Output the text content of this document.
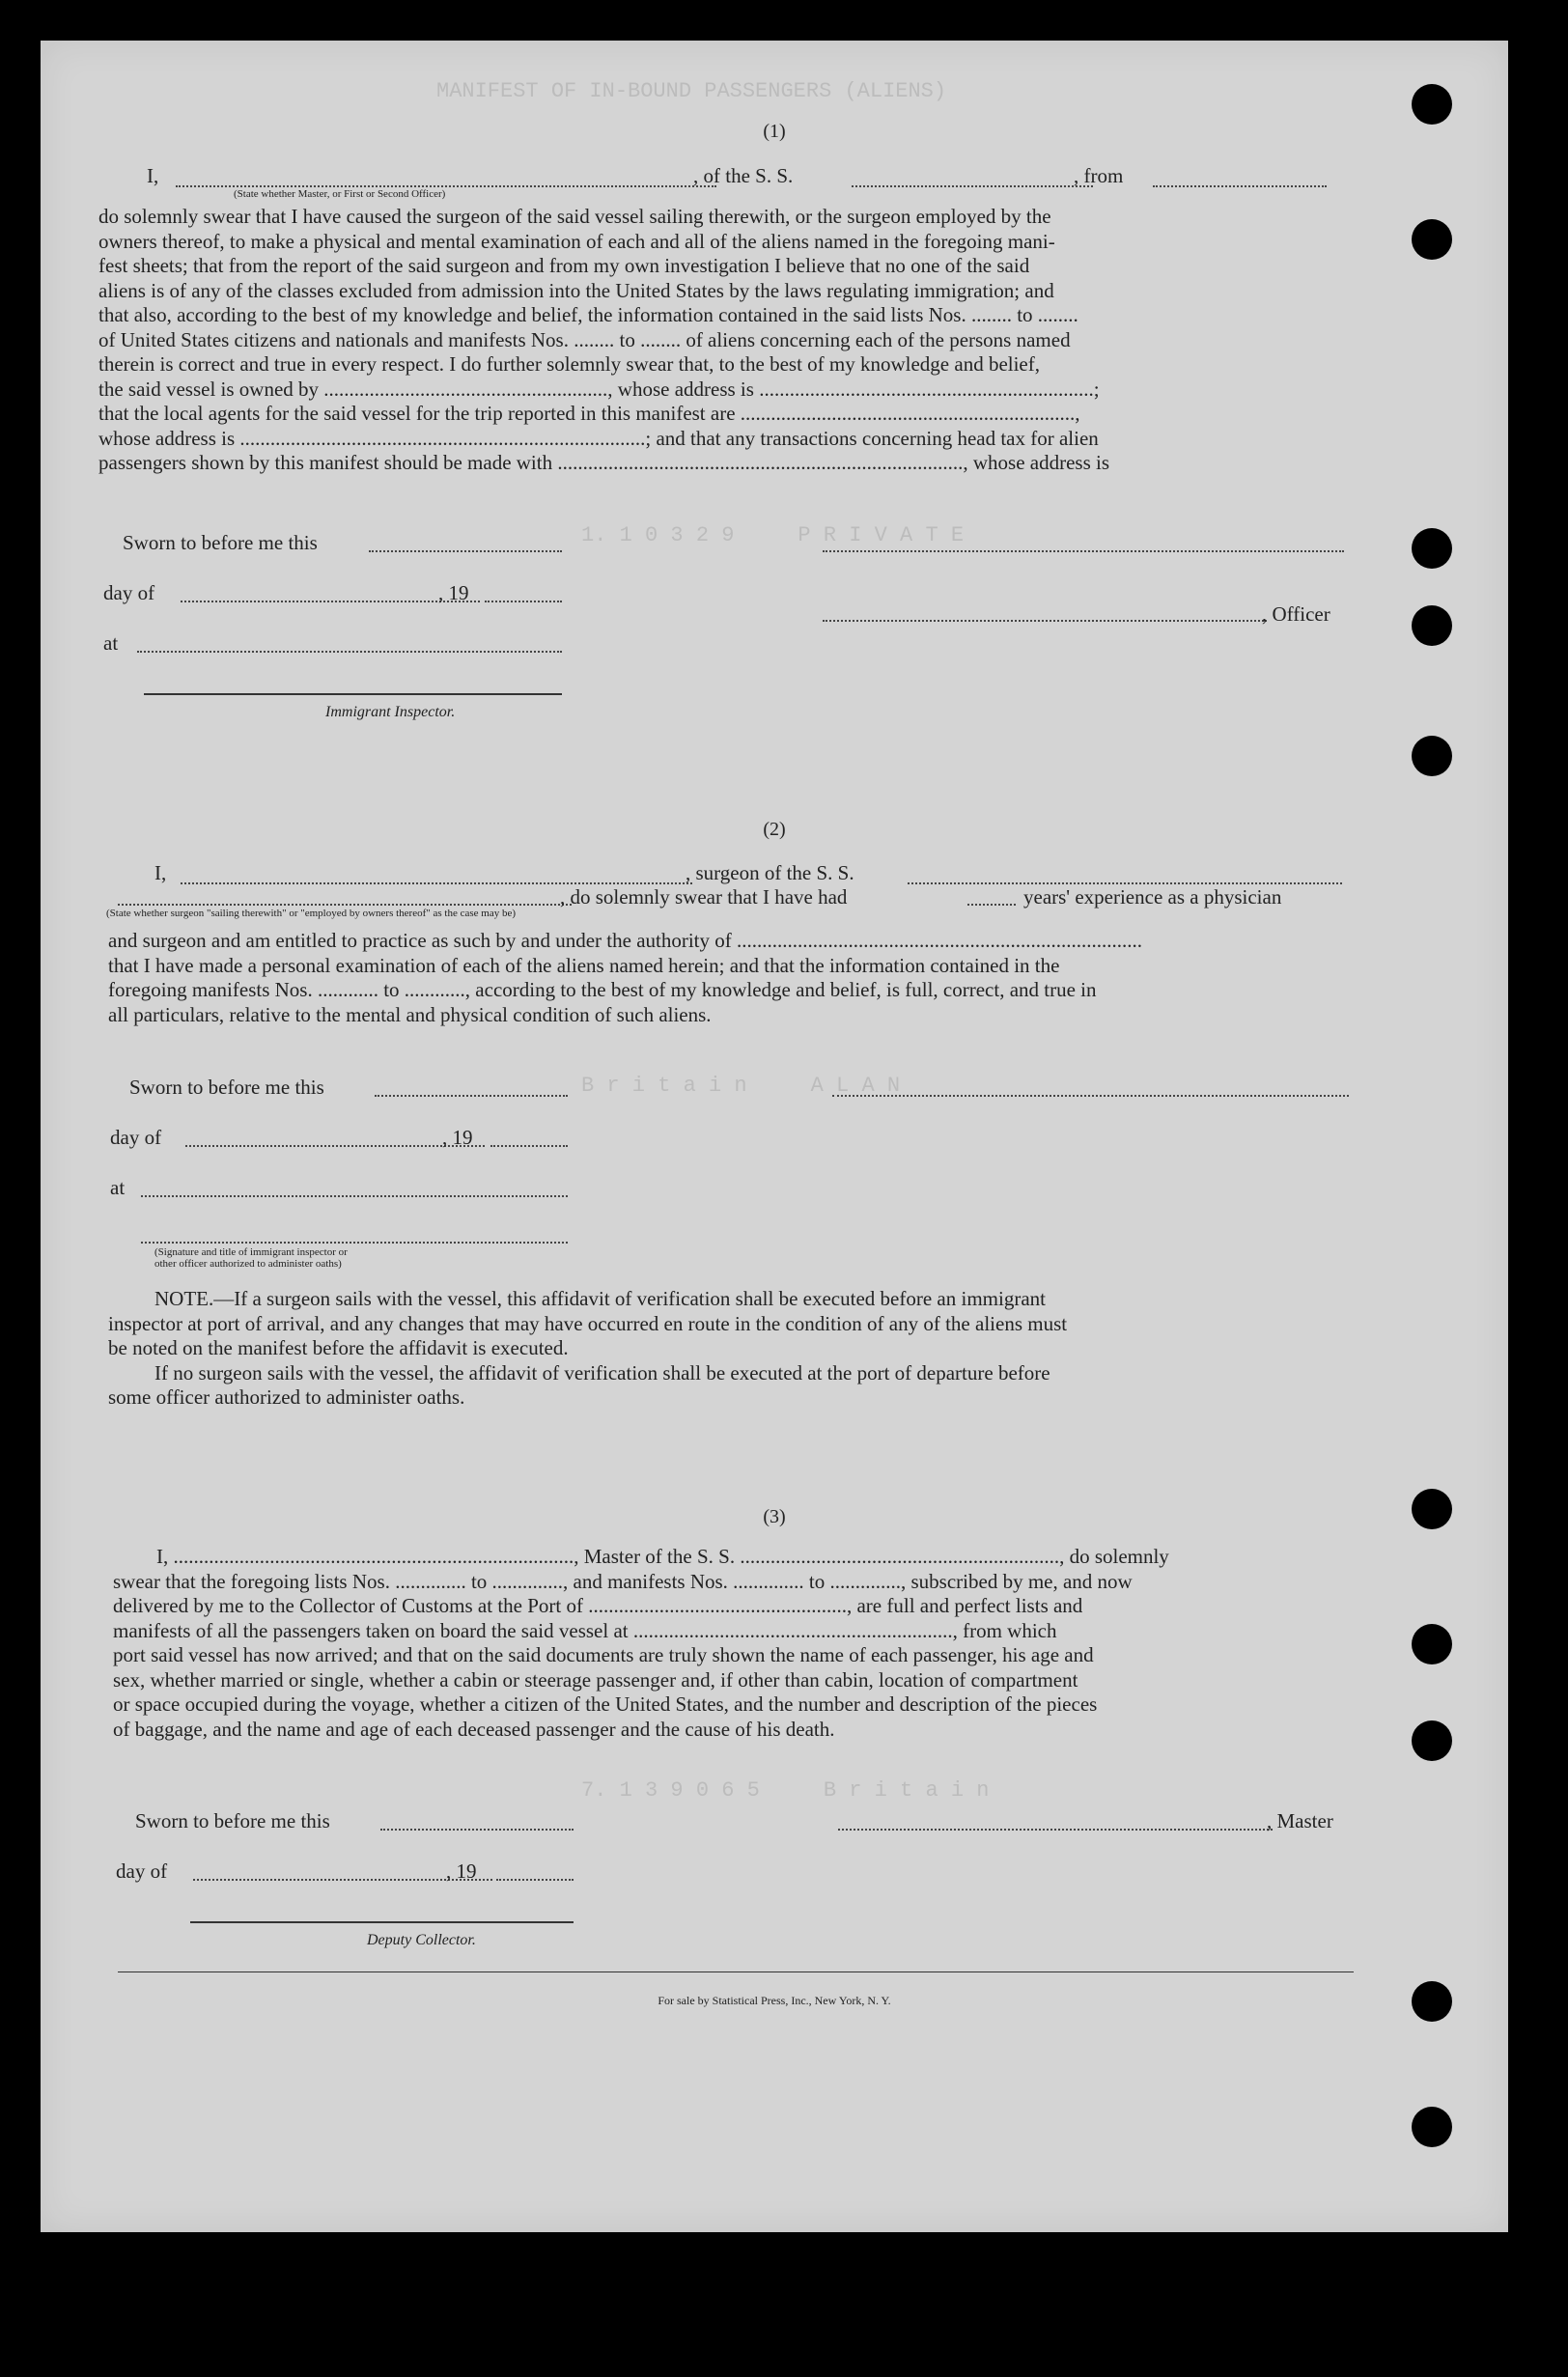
MANIFEST OF IN-BOUND PASSENGERS (ALIENS)
1. 1 0 3 2 9     P R I V A T E
B r i t a i n     A L A N
7. 1 3 9 0 6 5     B r i t a i n
(1)
I,	, of the S. S.	, from
(State whether Master, or First or Second Officer)
do solemnly swear that I have caused the surgeon of the said vessel sailing therewith, or the surgeon employed by the
owners thereof, to make a physical and mental examination of each and all of the aliens named in the foregoing mani-
fest sheets; that from the report of the said surgeon and from my own investigation I believe that no one of the said
aliens is of any of the classes excluded from admission into the United States by the laws regulating immigration; and
that also, according to the best of my knowledge and belief, the information contained in the said lists Nos. ........ to ........
of United States citizens and nationals and manifests Nos. ........ to ........ of aliens concerning each of the persons named
therein is correct and true in every respect. I do further solemnly swear that, to the best of my knowledge and belief,
the said vessel is owned by ........................................................, whose address is ..................................................................;
that the local agents for the said vessel for the trip reported in this manifest are ..................................................................,
whose address is ................................................................................; and that any transactions concerning head tax for alien
passengers shown by this manifest should be made with ................................................................................, whose address is
Sworn to before me this
day of	, 19
at
Immigrant Inspector.
, Officer
(2)
I,	, surgeon of the S. S.
, do solemnly swear that I have had	years' experience as a physician
(State whether surgeon "sailing therewith" or "employed by owners thereof" as the case may be)
and surgeon and am entitled to practice as such by and under the authority of ................................................................................
that I have made a personal examination of each of the aliens named herein; and that the information contained in the
foregoing manifests Nos. ............ to ............, according to the best of my knowledge and belief, is full, correct, and true in
all particulars, relative to the mental and physical condition of such aliens.
Sworn to before me this
day of	, 19
at
(Signature and title of immigrant inspector or
other officer authorized to administer oaths)
NOTE.—If a surgeon sails with the vessel, this affidavit of verification shall be executed before an immigrant
inspector at port of arrival, and any changes that may have occurred en route in the condition of any of the aliens must
be noted on the manifest before the affidavit is executed.
If no surgeon sails with the vessel, the affidavit of verification shall be executed at the port of departure before
some officer authorized to administer oaths.
(3)
I, ..............................................................................., Master of the S. S. ..............................................................., do solemnly
swear that the foregoing lists Nos. .............. to .............., and manifests Nos. .............. to .............., subscribed by me, and now
delivered by me to the Collector of Customs at the Port of ..................................................., are full and perfect lists and
manifests of all the passengers taken on board the said vessel at ..............................................................., from which
port said vessel has now arrived; and that on the said documents are truly shown the name of each passenger, his age and
sex, whether married or single, whether a cabin or steerage passenger and, if other than cabin, location of compartment
or space occupied during the voyage, whether a citizen of the United States, and the number and description of the pieces
of baggage, and the name and age of each deceased passenger and the cause of his death.
Sworn to before me this
day of	, 19
Deputy Collector.
, Master
For sale by Statistical Press, Inc., New York, N. Y.
